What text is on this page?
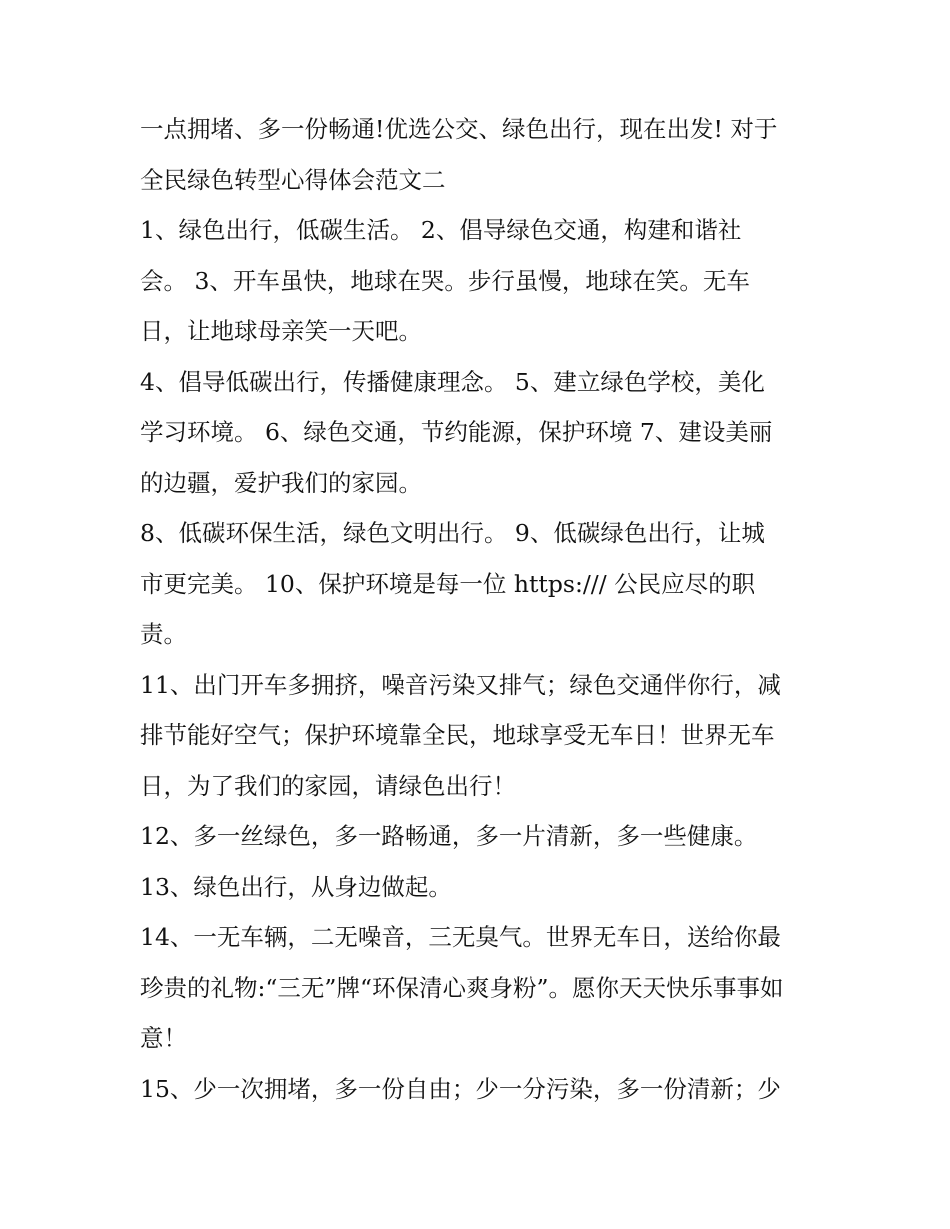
一点拥堵、多一份畅通!优选公交、绿色出行，现在出发! 对于
全民绿色转型心得体会范文二

1、绿色出行，低碳生活。 2、倡导绿色交通，构建和谐社
会。 3、开车虽快，地球在哭。步行虽慢，地球在笑。无车
日，让地球母亲笑一天吧。

4、倡导低碳出行，传播健康理念。 5、建立绿色学校，美化
学习环境。 6、绿色交通，节约能源，保护环境 7、建设美丽
的边疆，爱护我们的家园。

8、低碳环保生活，绿色文明出行。 9、低碳绿色出行，让城
市更完美。 10、保护环境是每一位 https:/// 公民应尽的职
责。

11、出门开车多拥挤，噪音污染又排气；绿色交通伴你行，减
排节能好空气；保护环境靠全民，地球享受无车日！世界无车
日，为了我们的家园，请绿色出行！

12、多一丝绿色，多一路畅通，多一片清新，多一些健康。

13、绿色出行，从身边做起。

14、一无车辆，二无噪音，三无臭气。世界无车日，送给你最
珍贵的礼物:“三无”牌“环保清心爽身粉”。愿你天天快乐事事如
意！

15、少一次拥堵，多一份自由；少一分污染，多一份清新；少
